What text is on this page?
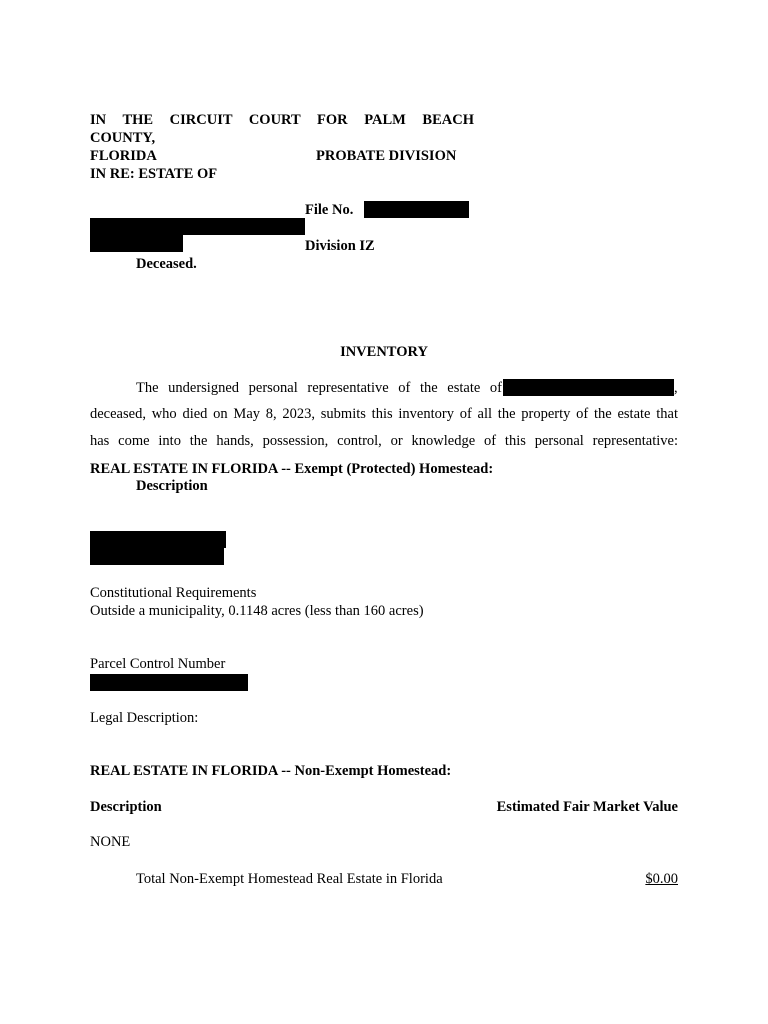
IN THE CIRCUIT COURT FOR PALM BEACH
COUNTY,
FLORIDA	PROBATE DIVISION
IN RE: ESTATE OF
File No.
Division IZ
Deceased.
INVENTORY
The undersigned personal representative of the estate of	,
deceased, who died on May 8, 2023, submits this inventory of all the property of the estate that
has come into the hands, possession, control, or knowledge of this personal representative:
REAL ESTATE IN FLORIDA -- Exempt (Protected) Homestead:
Description
Constitutional Requirements
Outside a municipality, 0.1148 acres (less than 160 acres)
Parcel Control Number
Legal Description:
REAL ESTATE IN FLORIDA -- Non-Exempt Homestead:
Description	Estimated Fair Market Value
NONE
Total Non-Exempt Homestead Real Estate in Florida	$0.00
